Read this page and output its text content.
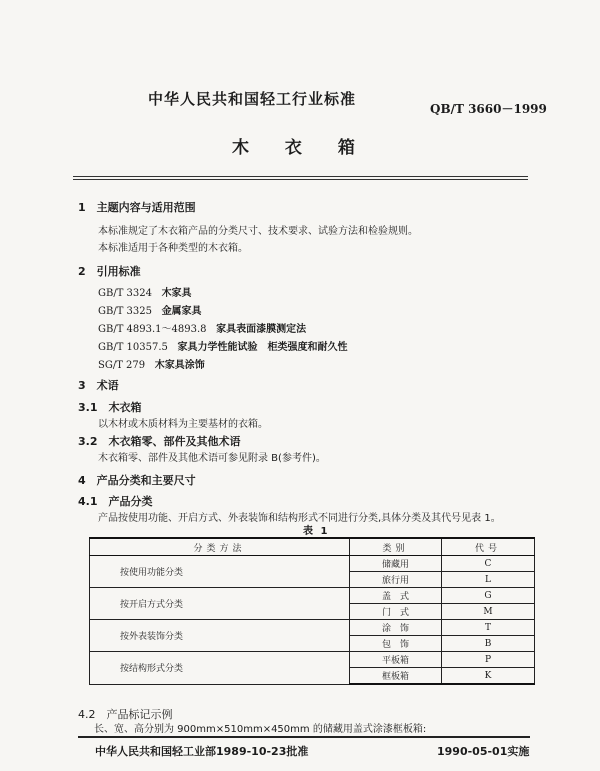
中华人民共和国轻工行业标准
QB/T 3660－1999
木 衣 箱
1　主题内容与适用范围
本标准规定了木衣箱产品的分类尺寸、技术要求、试验方法和检验规则。
本标准适用于各种类型的木衣箱。
2　引用标准
GB/T 3324 木家具
GB/T 3325 金属家具
GB/T 4893.1～4893.8 家具表面漆膜测定法
GB/T 10357.5 家具力学性能试验　柜类强度和耐久性
SG/T 279 木家具涂饰
3　术语
3.1　木衣箱
以木材或木质材料为主要基材的衣箱。
3.2　木衣箱零、部件及其他术语
木衣箱零、部件及其他术语可参见附录 B(参考件)。
4　产品分类和主要尺寸
4.1　产品分类
产品按使用功能、开启方式、外表装饰和结构形式不同进行分类,具体分类及其代号见表 1。
表 1
分类方法	类别	代号
按使用功能分类	储藏用	C
	旅行用	L
按开启方式分类	盖　式	G
	门　式	M
按外表装饰分类	涂　饰	T
	包　饰	B
按结构形式分类	平板箱	P
	框板箱	K
4.2　产品标记示例
长、宽、高分别为 900mm×510mm×450mm 的储藏用盖式涂漆框板箱:
中华人民共和国轻工业部1989-10-23批准	1990-05-01实施
